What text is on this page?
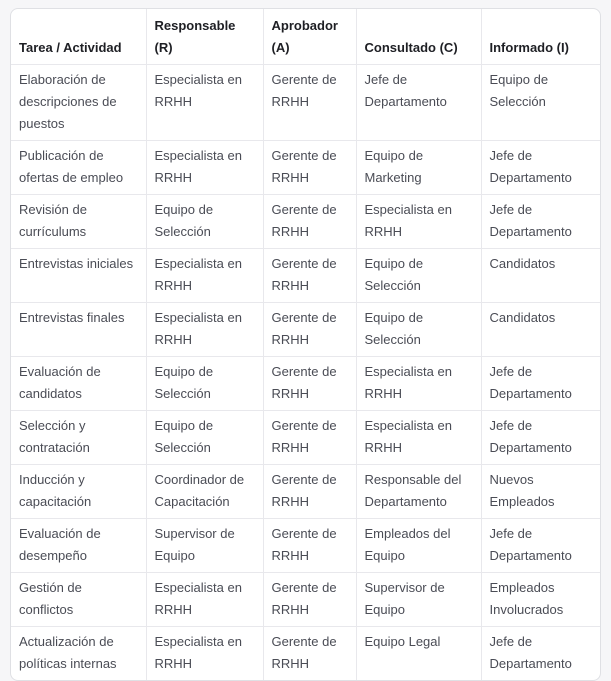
Tarea / Actividad	Responsable (R)	Aprobador (A)	Consultado (C)	Informado (I)
Elaboración de descripciones de puestos	Especialista en RRHH	Gerente de RRHH	Jefe de Departamento	Equipo de Selección
Publicación de ofertas de empleo	Especialista en RRHH	Gerente de RRHH	Equipo de Marketing	Jefe de Departamento
Revisión de currículums	Equipo de Selección	Gerente de RRHH	Especialista en RRHH	Jefe de Departamento
Entrevistas iniciales	Especialista en RRHH	Gerente de RRHH	Equipo de Selección	Candidatos
Entrevistas finales	Especialista en RRHH	Gerente de RRHH	Equipo de Selección	Candidatos
Evaluación de candidatos	Equipo de Selección	Gerente de RRHH	Especialista en RRHH	Jefe de Departamento
Selección y contratación	Equipo de Selección	Gerente de RRHH	Especialista en RRHH	Jefe de Departamento
Inducción y capacitación	Coordinador de Capacitación	Gerente de RRHH	Responsable del Departamento	Nuevos Empleados
Evaluación de desempeño	Supervisor de Equipo	Gerente de RRHH	Empleados del Equipo	Jefe de Departamento
Gestión de conflictos	Especialista en RRHH	Gerente de RRHH	Supervisor de Equipo	Empleados Involucrados
Actualización de políticas internas	Especialista en RRHH	Gerente de RRHH	Equipo Legal	Jefe de Departamento
